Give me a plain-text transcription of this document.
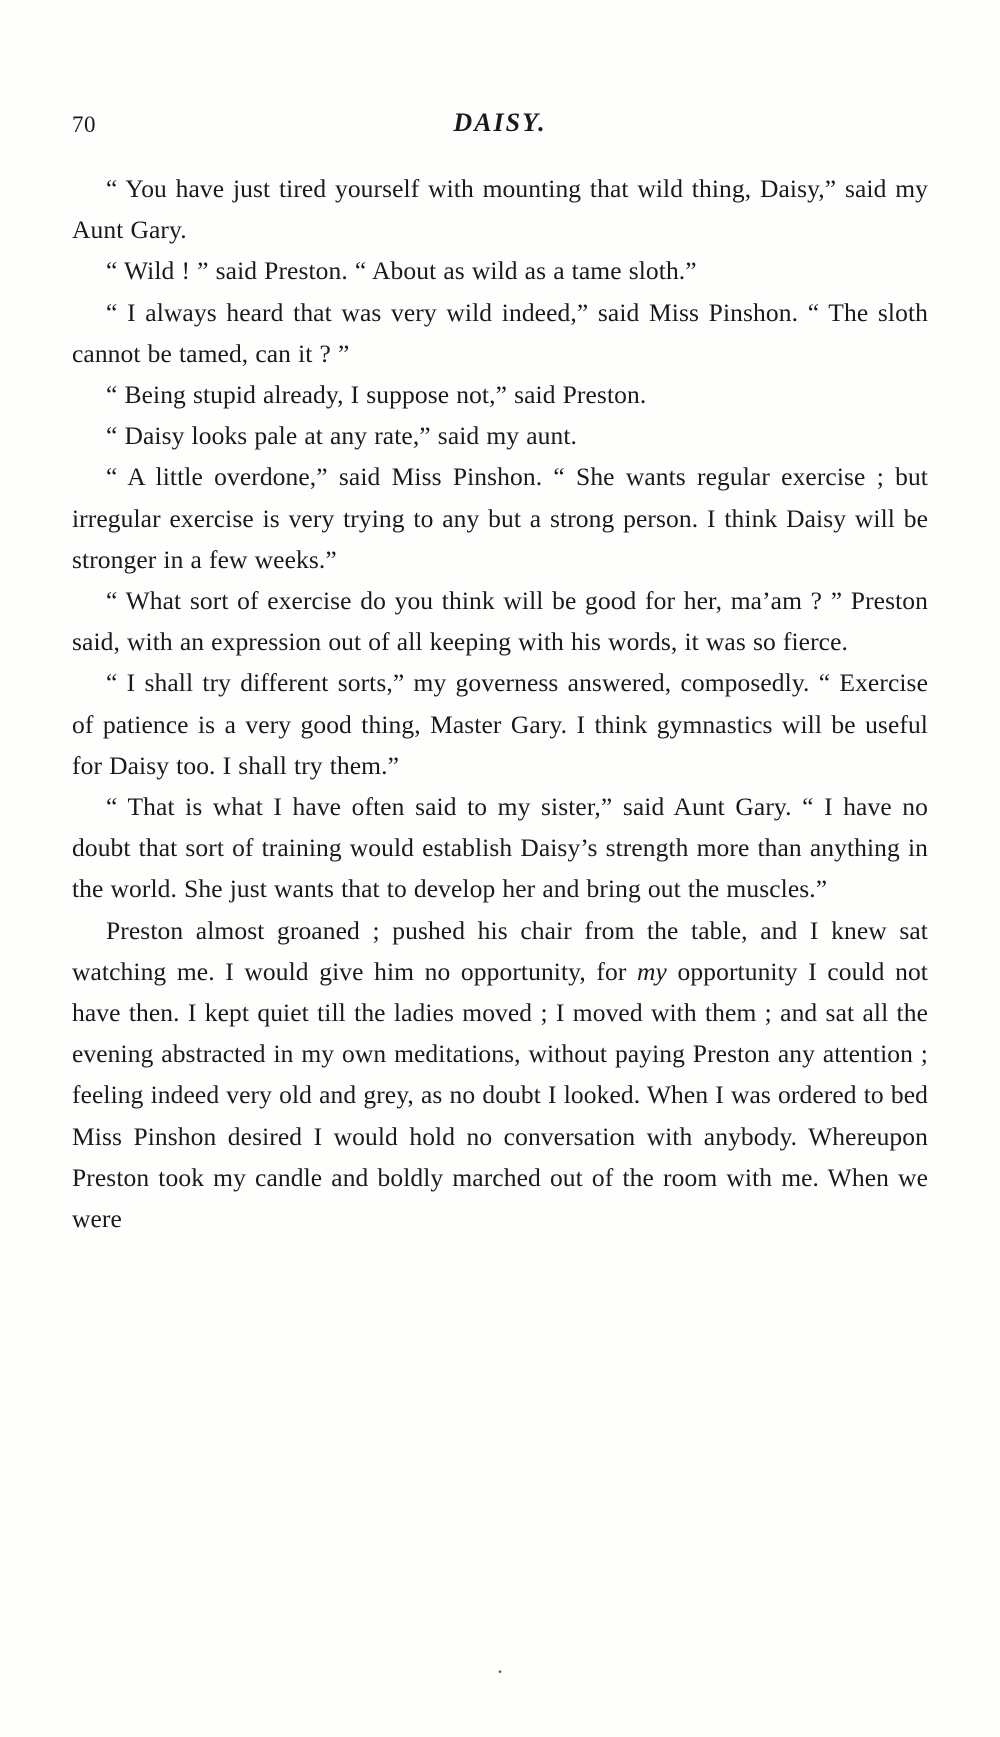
70	DAISY.

“ You have just tired yourself with mounting that wild thing, Daisy,” said my Aunt Gary.

“ Wild ! ” said Preston. “ About as wild as a tame sloth.”

“ I always heard that was very wild indeed,” said Miss Pinshon. “ The sloth cannot be tamed, can it ? ”

“ Being stupid already, I suppose not,” said Preston.

“ Daisy looks pale at any rate,” said my aunt.

“ A little overdone,” said Miss Pinshon. “ She wants regular exercise ; but irregular exercise is very trying to any but a strong person. I think Daisy will be stronger in a few weeks.”

“ What sort of exercise do you think will be good for her, ma’am ? ” Preston said, with an expression out of all keeping with his words, it was so fierce.

“ I shall try different sorts,” my governess answered, composedly. “ Exercise of patience is a very good thing, Master Gary. I think gymnastics will be useful for Daisy too. I shall try them.”

“ That is what I have often said to my sister,” said Aunt Gary. “ I have no doubt that sort of training would establish Daisy’s strength more than anything in the world. She just wants that to develop her and bring out the muscles.”

Preston almost groaned ; pushed his chair from the table, and I knew sat watching me. I would give him no opportunity, for my opportunity I could not have then. I kept quiet till the ladies moved ; I moved with them ; and sat all the evening abstracted in my own meditations, without paying Preston any attention ; feeling indeed very old and grey, as no doubt I looked. When I was ordered to bed Miss Pinshon desired I would hold no conversation with anybody. Whereupon Preston took my candle and boldly marched out of the room with me. When we were

.
